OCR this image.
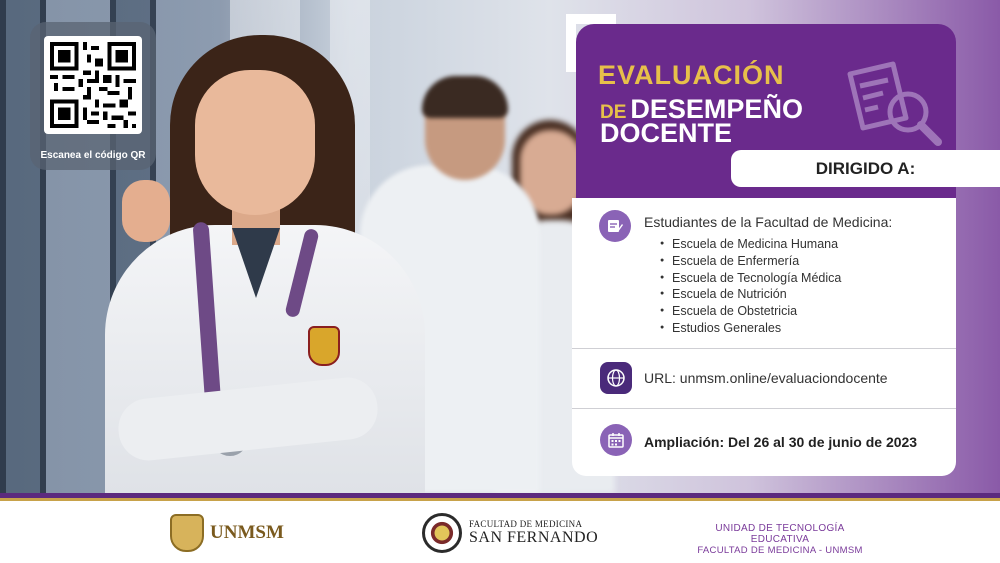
Escanea el código QR
EVALUACIÓN
DE DESEMPEÑO
DOCENTE
DIRIGIDO A:
Estudiantes de la Facultad de Medicina:
● Escuela de Medicina Humana
● Escuela de Enfermería
● Escuela de Tecnología Médica
● Escuela de Nutrición
● Escuela de Obstetricia
● Estudios Generales
URL: unmsm.online/evaluaciondocente
Ampliación: Del 26 al 30 de junio de 2023
UNMSM	FACULTAD DE MEDICINA
SAN FERNANDO
UNIDAD DE TECNOLOGÍA EDUCATIVA
FACULTAD DE MEDICINA - UNMSM
